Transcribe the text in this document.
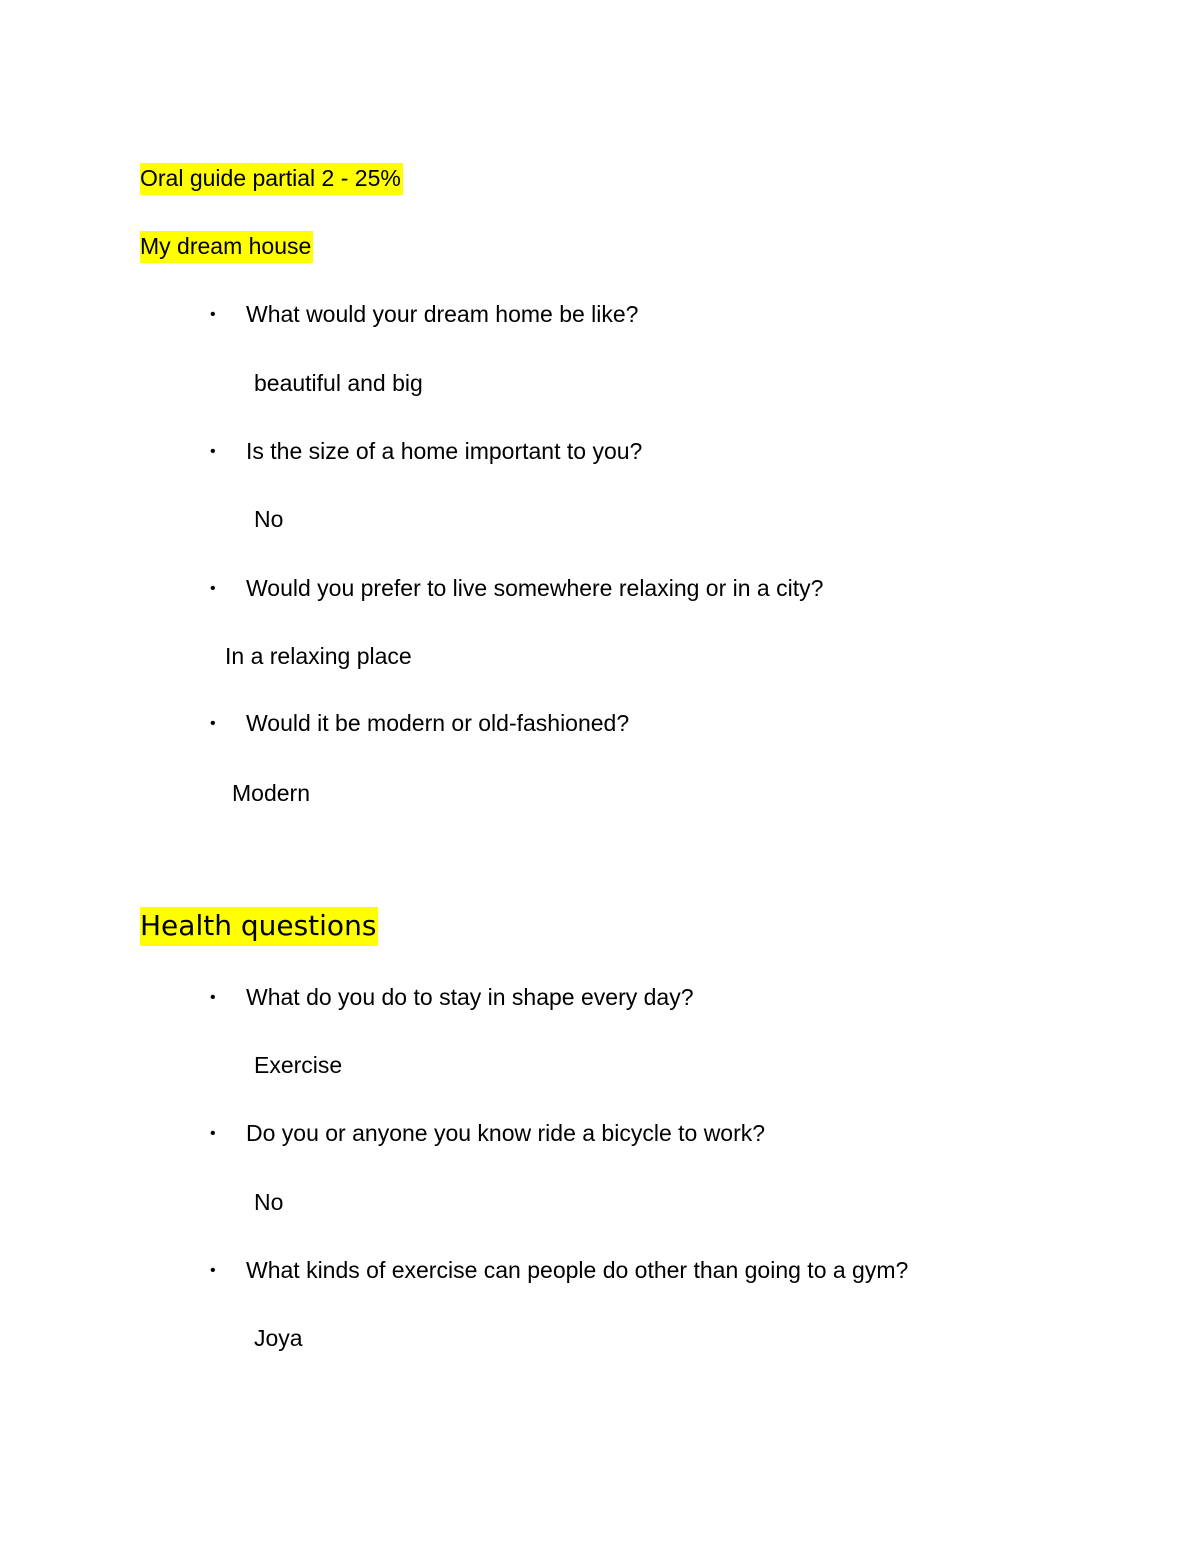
Oral guide partial 2 - 25%
My dream house
• What would your dream home be like?
beautiful and big
• Is the size of a home important to you?
No
• Would you prefer to live somewhere relaxing or in a city?
In a relaxing place
• Would it be modern or old-fashioned?
Modern
Health questions
• What do you do to stay in shape every day?
Exercise
• Do you or anyone you know ride a bicycle to work?
No
• What kinds of exercise can people do other than going to a gym?
Joya
